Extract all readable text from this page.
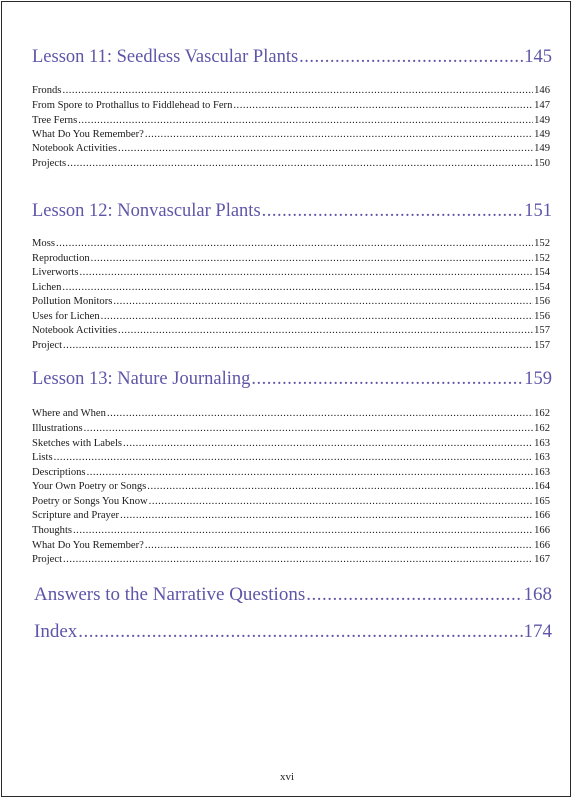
Lesson 11: Seedless Vascular Plants .....	145
Fronds .....	146
From Spore to Prothallus to Fiddlehead to Fern .....	147
Tree Ferns .....	149
What Do You Remember? .....	149
Notebook Activities .....	149
Projects .....	150
Lesson 12: Nonvascular Plants .....	151
Moss .....	152
Reproduction .....	152
Liverworts .....	154
Lichen .....	154
Pollution Monitors .....	156
Uses for Lichen .....	156
Notebook Activities .....	157
Project .....	157
Lesson 13: Nature Journaling .....	159
Where and When .....	162
Illustrations .....	162
Sketches with Labels .....	163
Lists .....	163
Descriptions .....	163
Your Own Poetry or Songs .....	164
Poetry or Songs You Know .....	165
Scripture and Prayer .....	166
Thoughts .....	166
What Do You Remember? .....	166
Project .....	167
Answers to the Narrative Questions .....	168
Index .....	174
xvi
